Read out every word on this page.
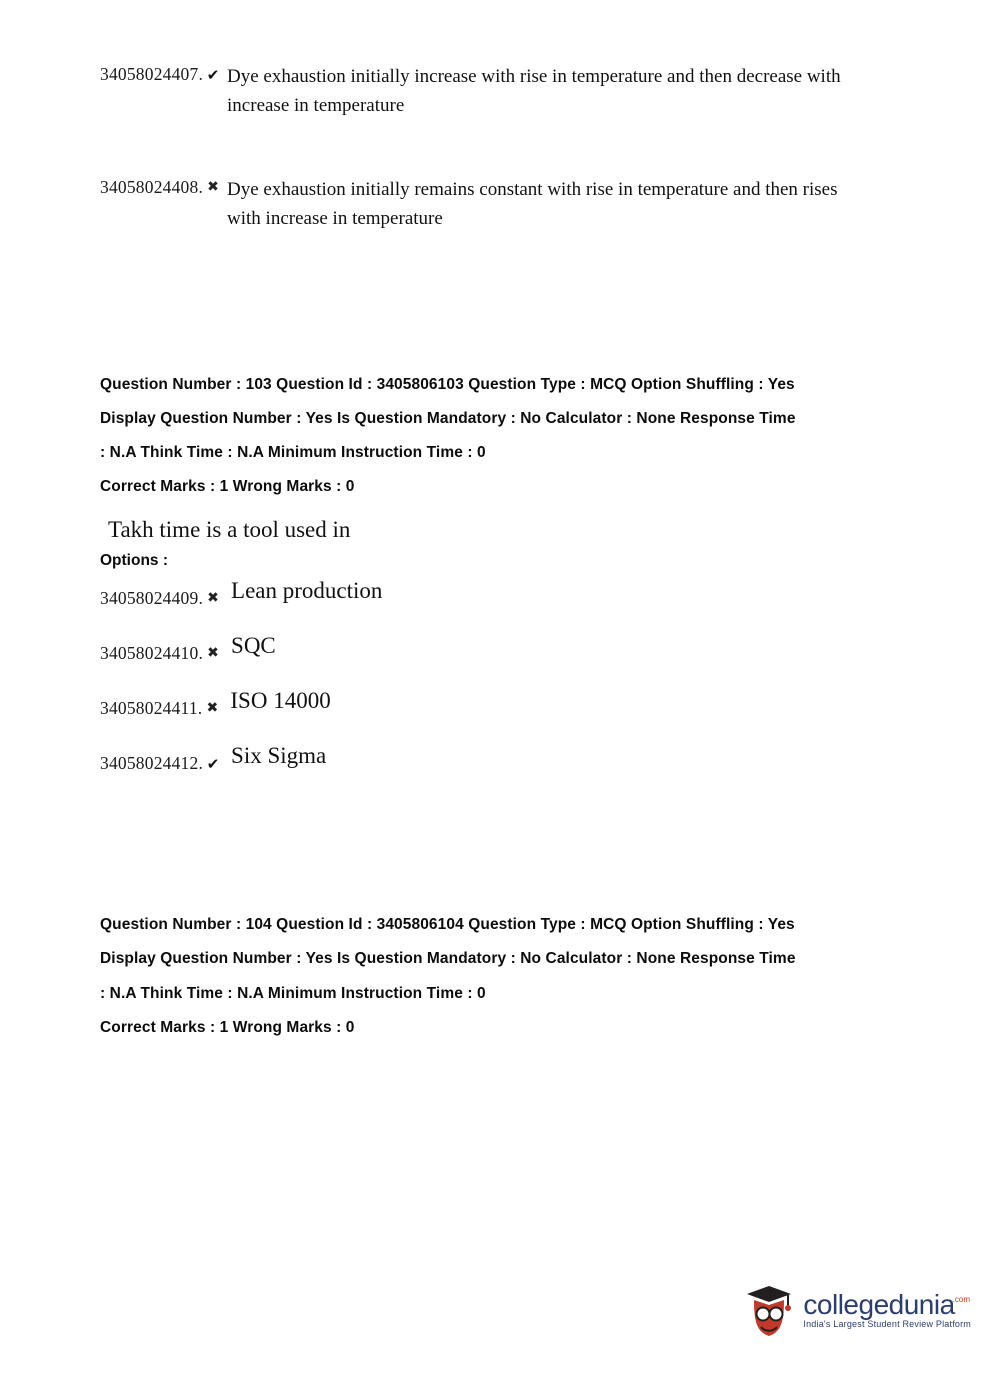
34058024407. ✔ Dye exhaustion initially increase with rise in temperature and then decrease with increase in temperature
34058024408. ✖ Dye exhaustion initially remains constant with rise in temperature and then rises with increase in temperature
Question Number : 103 Question Id : 3405806103 Question Type : MCQ Option Shuffling : Yes
Display Question Number : Yes Is Question Mandatory : No Calculator : None Response Time
: N.A Think Time : N.A Minimum Instruction Time : 0
Correct Marks : 1 Wrong Marks : 0
Takh time is a tool used in
Options :
34058024409. ✖ Lean production
34058024410. ✖ SQC
34058024411. ✖ ISO 14000
34058024412. ✔ Six Sigma
Question Number : 104 Question Id : 3405806104 Question Type : MCQ Option Shuffling : Yes
Display Question Number : Yes Is Question Mandatory : No Calculator : None Response Time
: N.A Think Time : N.A Minimum Instruction Time : 0
Correct Marks : 1 Wrong Marks : 0
collegedunia$^{.com}$
India's Largest Student Review Platform
